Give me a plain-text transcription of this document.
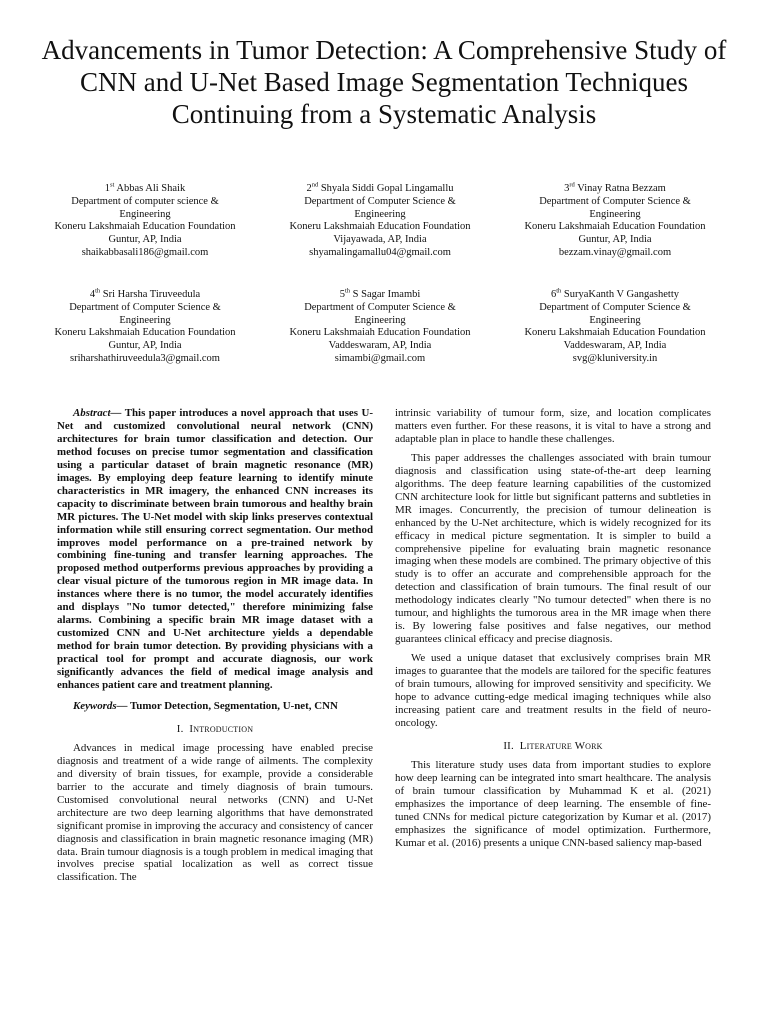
Advancements in Tumor Detection: A Comprehensive Study of CNN and U-Net Based Image Segmentation Techniques Continuing from a Systematic Analysis
1st Abbas Ali Shaik
Department of computer science & Engineering
Koneru Lakshmaiah Education Foundation
Guntur, AP, India
shaikabbasali186@gmail.com
2nd Shyala Siddi Gopal Lingamallu
Department of Computer Science & Engineering
Koneru Lakshmaiah Education Foundation
Vijayawada, AP, India
shyamalingamallu04@gmail.com
3rd Vinay Ratna Bezzam
Department of Computer Science & Engineering
Koneru Lakshmaiah Education Foundation
Guntur, AP, India
bezzam.vinay@gmail.com
4th Sri Harsha Tiruveedula
Department of Computer Science & Engineering
Koneru Lakshmaiah Education Foundation
Guntur, AP, India
sriharshathiruveedula3@gmail.com
5th S Sagar Imambi
Department of Computer Science & Engineering
Koneru Lakshmaiah Education Foundation
Vaddeswaram, AP, India
simambi@gmail.com
6th SuryaKanth V Gangashetty
Department of Computer Science & Engineering
Koneru Lakshmaiah Education Foundation
Vaddeswaram, AP, India
svg@kluniversity.in

Abstract— This paper introduces a novel approach that uses U-Net and customized convolutional neural network (CNN) architectures for brain tumor classification and detection. Our method focuses on precise tumor segmentation and classification using a particular dataset of brain magnetic resonance (MR) images. By employing deep feature learning to identify minute characteristics in MR imagery, the enhanced CNN increases its capacity to discriminate between brain tumorous and healthy brain MR pictures. The U-Net model with skip links preserves contextual information while still ensuring correct segmentation. Our method improves model performance on a pre-trained network by combining fine-tuning and transfer learning approaches. The proposed method outperforms previous approaches by providing a clear visual picture of the tumorous region in MR image data. In instances where there is no tumor, the model accurately identifies and displays "No tumor detected," therefore minimizing false alarms. Combining a specific brain MR image dataset with a customized CNN and U-Net architecture yields a dependable method for brain tumor detection. By providing physicians with a practical tool for prompt and accurate diagnosis, our work significantly advances the field of medical image analysis and enhances patient care and treatment planning.

Keywords— Tumor Detection, Segmentation, U-net, CNN

I. Introduction

Advances in medical image processing have enabled precise diagnosis and treatment of a wide range of ailments. The complexity and diversity of brain tissues, for example, provide a considerable barrier to the accurate and timely diagnosis of brain tumours. Customised convolutional neural networks (CNN) and U-Net architecture are two deep learning algorithms that have demonstrated significant promise in improving the accuracy and consistency of cancer diagnosis and classification in brain magnetic resonance imaging (MR) data. Brain tumour diagnosis is a tough problem in medical imaging that involves precise spatial localization as well as correct tissue classification. The

intrinsic variability of tumour form, size, and location complicates matters even further. For these reasons, it is vital to have a strong and adaptable plan in place to handle these challenges.

This paper addresses the challenges associated with brain tumour diagnosis and classification using state-of-the-art deep learning algorithms. The deep feature learning capabilities of the customized CNN architecture look for little but significant patterns and subtleties in MR images. Concurrently, the precision of tumour delineation is enhanced by the U-Net architecture, which is widely recognized for its efficacy in medical picture segmentation. It is simpler to build a comprehensive pipeline for evaluating brain magnetic resonance imaging when these models are combined. The primary objective of this study is to offer an accurate and comprehensible approach for the detection and classification of brain tumours. The final result of our methodology indicates clearly "No tumour detected" when there is no tumour, and highlights the tumorous area in the MR image when there is. By lowering false positives and false negatives, our method guarantees clinical efficacy and precise diagnosis.

We used a unique dataset that exclusively comprises brain MR images to guarantee that the models are tailored for the specific features of brain tumours, allowing for improved sensitivity and specificity. We hope to advance cutting-edge medical imaging techniques while also increasing patient care and treatment results in the field of neuro-oncology.

II. Literature Work

This literature study uses data from important studies to explore how deep learning can be integrated into smart healthcare. The analysis of brain tumour classification by Muhammad K et al. (2021) emphasizes the importance of deep learning. The ensemble of fine-tuned CNNs for medical picture categorization by Kumar et al. (2017) emphasizes the significance of model optimization. Furthermore, Kumar et al. (2016) presents a unique CNN-based saliency map-based
